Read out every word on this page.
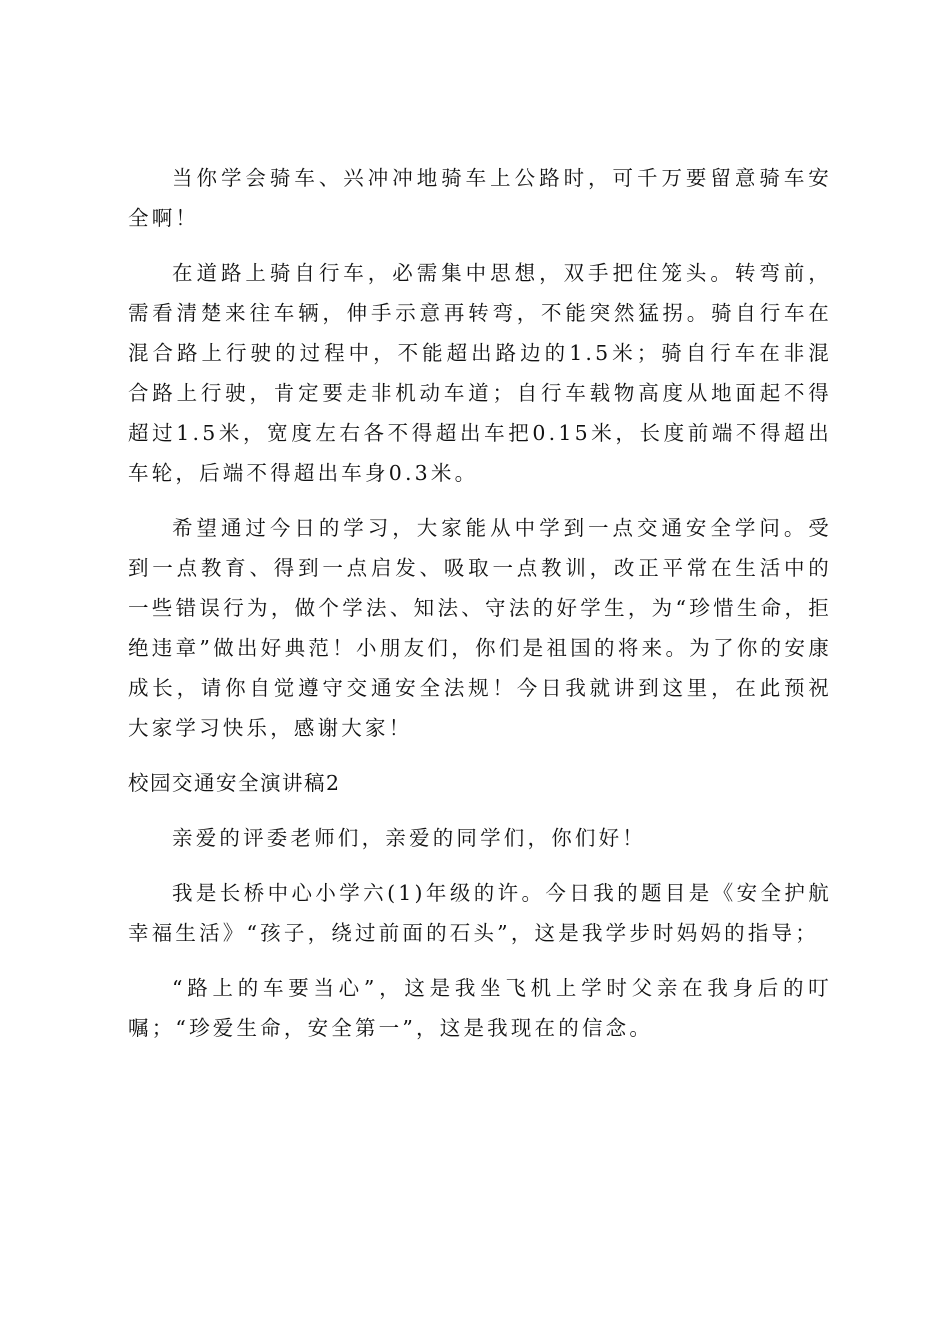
当你学会骑车、兴冲冲地骑车上公路时，可千万要留意骑车安全啊！

在道路上骑自行车，必需集中思想，双手把住笼头。转弯前，需看清楚来往车辆，伸手示意再转弯，不能突然猛拐。骑自行车在混合路上行驶的过程中，不能超出路边的1.5米；骑自行车在非混合路上行驶，肯定要走非机动车道；自行车载物高度从地面起不得超过1.5米，宽度左右各不得超出车把0.15米，长度前端不得超出车轮，后端不得超出车身0.3米。

希望通过今日的学习，大家能从中学到一点交通安全学问。受到一点教育、得到一点启发、吸取一点教训，改正平常在生活中的一些错误行为，做个学法、知法、守法的好学生，为“珍惜生命，拒绝违章”做出好典范！小朋友们，你们是祖国的将来。为了你的安康成长，请你自觉遵守交通安全法规！今日我就讲到这里，在此预祝大家学习快乐，感谢大家！

校园交通安全演讲稿2

亲爱的评委老师们，亲爱的同学们，你们好！

我是长桥中心小学六(1)年级的许。今日我的题目是《安全护航幸福生活》“孩子，绕过前面的石头”，这是我学步时妈妈的指导；

“路上的车要当心”，这是我坐飞机上学时父亲在我身后的叮嘱；“珍爱生命，安全第一”，这是我现在的信念。
